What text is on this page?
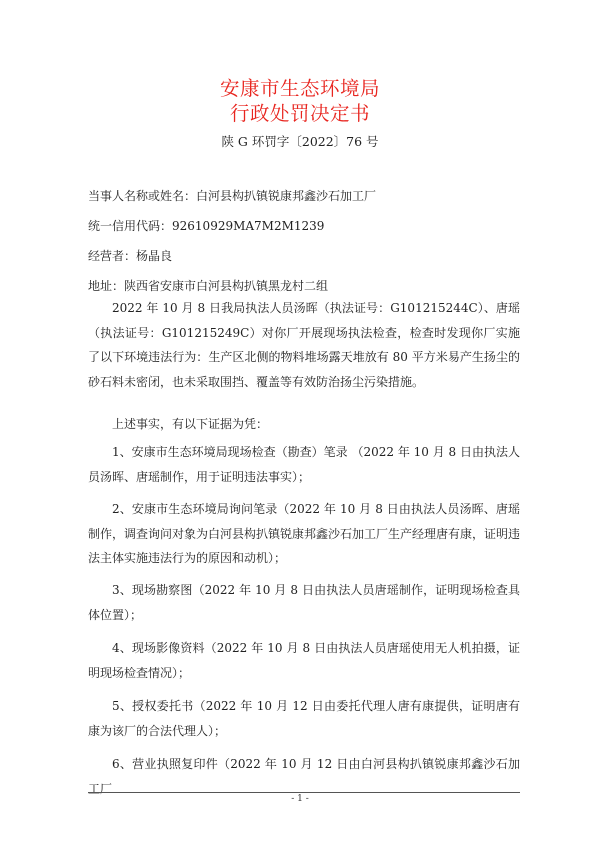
安康市生态环境局
行政处罚决定书
陕 G 环罚字〔2022〕76 号
当事人名称或姓名：白河县构扒镇锐康邦鑫沙石加工厂
统一信用代码：92610929MA7M2M1239
经营者：杨晶良
地址：陕西省安康市白河县构扒镇黑龙村二组
2022 年 10 月 8 日我局执法人员汤晖（执法证号：G101215244C）、唐瑶（执法证号：G101215249C）对你厂开展现场执法检查，检查时发现你厂实施了以下环境违法行为：生产区北侧的物料堆场露天堆放有 80 平方米易产生扬尘的砂石料未密闭，也未采取围挡、覆盖等有效防治扬尘污染措施。
上述事实，有以下证据为凭：
1、安康市生态环境局现场检查（勘查）笔录 （2022 年 10 月 8 日由执法人员汤晖、唐瑶制作，用于证明违法事实）；
2、安康市生态环境局询问笔录（2022 年 10 月 8 日由执法人员汤晖、唐瑶制作，调查询问对象为白河县构扒镇锐康邦鑫沙石加工厂生产经理唐有康，证明违法主体实施违法行为的原因和动机）；
3、现场勘察图（2022 年 10 月 8 日由执法人员唐瑶制作，证明现场检查具体位置）；
4、现场影像资料（2022 年 10 月 8 日由执法人员唐瑶使用无人机拍摄，证明现场检查情况）；
5、授权委托书（2022 年 10 月 12 日由委托代理人唐有康提供，证明唐有康为该厂的合法代理人）；
6、营业执照复印件（2022 年 10 月 12 日由白河县构扒镇锐康邦鑫沙石加工厂
- 1 -
